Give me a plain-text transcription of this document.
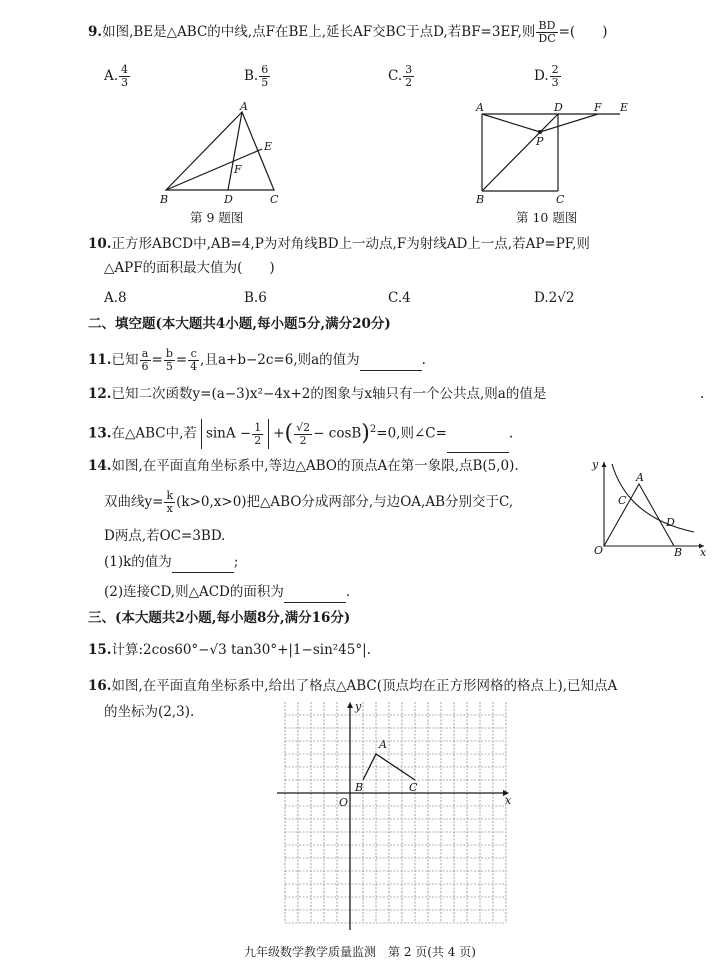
9.如图,BE是△ABC的中线,点F在BE上,延长AF交BC于点D,若BF=3EF,则 $\frac{BD}{DC}$ =(　　)
A. $\frac{4}{3}$	B. $\frac{6}{5}$	C. $\frac{3}{2}$	D. $\frac{2}{3}$
A
B	C
D
E
F
第 9 题图
A	D	F E
P
B	C
第 10 题图
10.正方形ABCD中,AB=4,P为对角线BD上一动点,F为射线AD上一点,若AP=PF,则
△APF的面积最大值为(　　)
A.8	B.6	C.4	D.2√2
二、填空题(本大题共4小题,每小题5分,满分20分)
11.已知 $\frac{a}{6} = \frac{b}{5} = \frac{c}{4}$ ,且a+b−2c=6,则a的值为	.
12.已知二次函数y=(a−3)x²−4x+2的图象与x轴只有一个公共点,则a的值是	.
13.在△ABC中,若 $\sin A - \frac{1}{2}$ +( $\frac{√2}{2} - \cos B)^2=0$,则∠C=	.
14.如图,在平面直角坐标系中,等边△ABO的顶点A在第一象限,点B(5,0).
双曲线$y= \frac{k}{x} (k>0,x>0)$把△ABO分成两部分,与边OA,AB分别交于C,
D两点,若OC=3BD.
(1)k的值为	;
(2)连接CD,则△ACD的面积为	.
y
x
O
A
B
C
D
三、(本大题共2小题,每小题8分,满分16分)
15.计算:2cos60°−√3 tan30°+|1−sin²45°|.
16.如图,在平面直角坐标系中,给出了格点△ABC(顶点均在正方形网格的格点上),已知点A
的坐标为(2,3).	y
x
O
A
B	C
九年级数学教学质量监测　第 2 页(共 4 页)
